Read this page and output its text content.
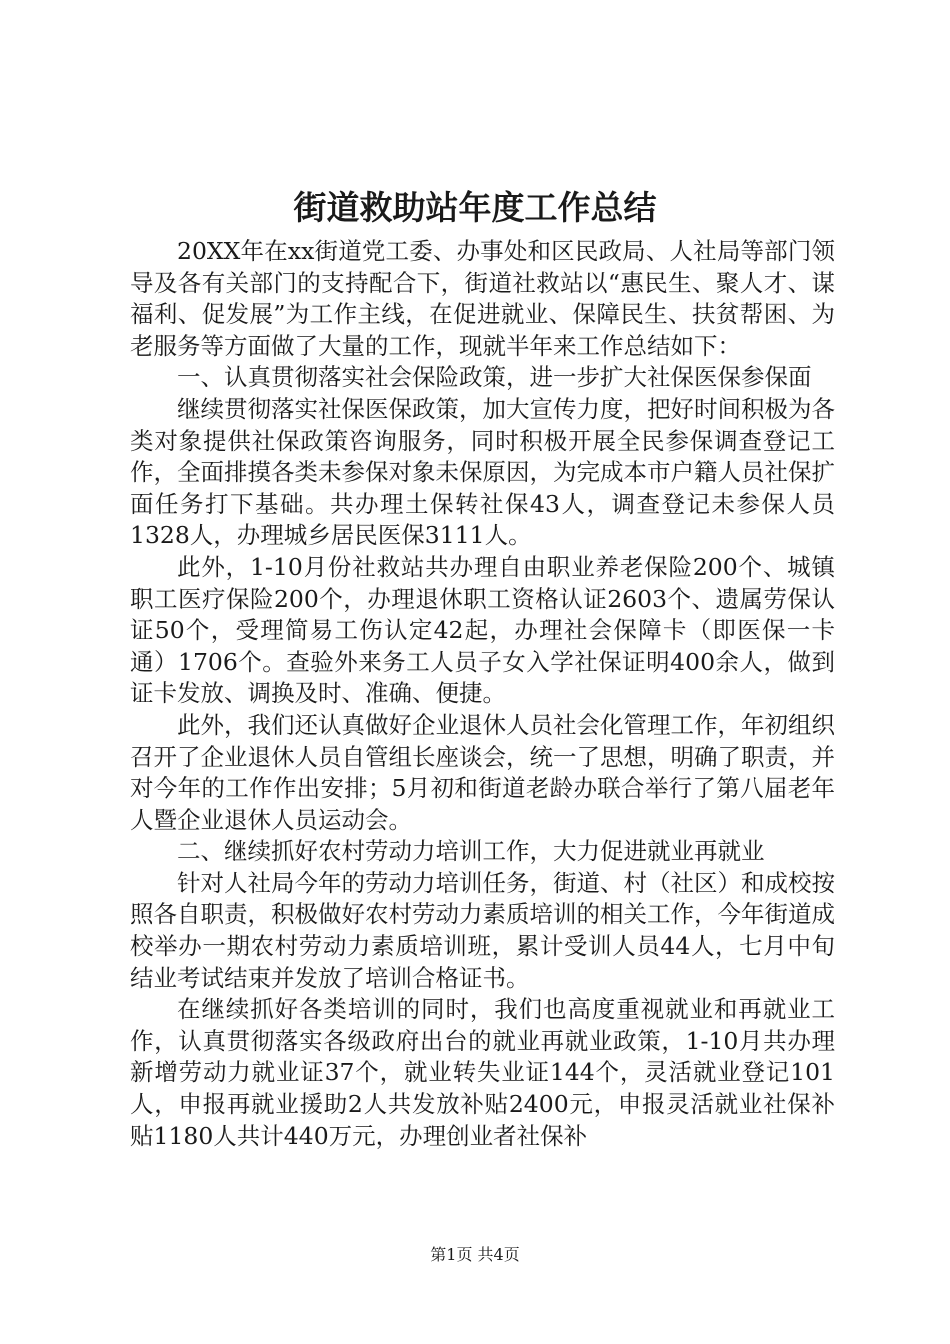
街道救助站年度工作总结

20XX年在xx街道党工委、办事处和区民政局、人社局等部门领导及各有关部门的支持配合下，街道社救站以“惠民生、聚人才、谋福利、促发展”为工作主线，在促进就业、保障民生、扶贫帮困、为老服务等方面做了大量的工作，现就半年来工作总结如下：

一、认真贯彻落实社会保险政策，进一步扩大社保医保参保面

继续贯彻落实社保医保政策，加大宣传力度，把好时间积极为各类对象提供社保政策咨询服务，同时积极开展全民参保调查登记工作，全面排摸各类未参保对象未保原因，为完成本市户籍人员社保扩面任务打下基础。共办理土保转社保43人，调查登记未参保人员1328人，办理城乡居民医保3111人。

此外，1-10月份社救站共办理自由职业养老保险200个、城镇职工医疗保险200个，办理退休职工资格认证2603个、遗属劳保认证50个，受理简易工伤认定42起，办理社会保障卡（即医保一卡通）1706个。查验外来务工人员子女入学社保证明400余人，做到证卡发放、调换及时、准确、便捷。

此外，我们还认真做好企业退休人员社会化管理工作，年初组织召开了企业退休人员自管组长座谈会，统一了思想，明确了职责，并对今年的工作作出安排；5月初和街道老龄办联合举行了第八届老年人暨企业退休人员运动会。

二、继续抓好农村劳动力培训工作，大力促进就业再就业

针对人社局今年的劳动力培训任务，街道、村（社区）和成校按照各自职责，积极做好农村劳动力素质培训的相关工作，今年街道成校举办一期农村劳动力素质培训班，累计受训人员44人，七月中旬结业考试结束并发放了培训合格证书。

在继续抓好各类培训的同时，我们也高度重视就业和再就业工作，认真贯彻落实各级政府出台的就业再就业政策，1-10月共办理新增劳动力就业证37个，就业转失业证144个，灵活就业登记101人，申报再就业援助2人共发放补贴2400元，申报灵活就业社保补贴1180人共计440万元，办理创业者社保补

第1页 共4页
